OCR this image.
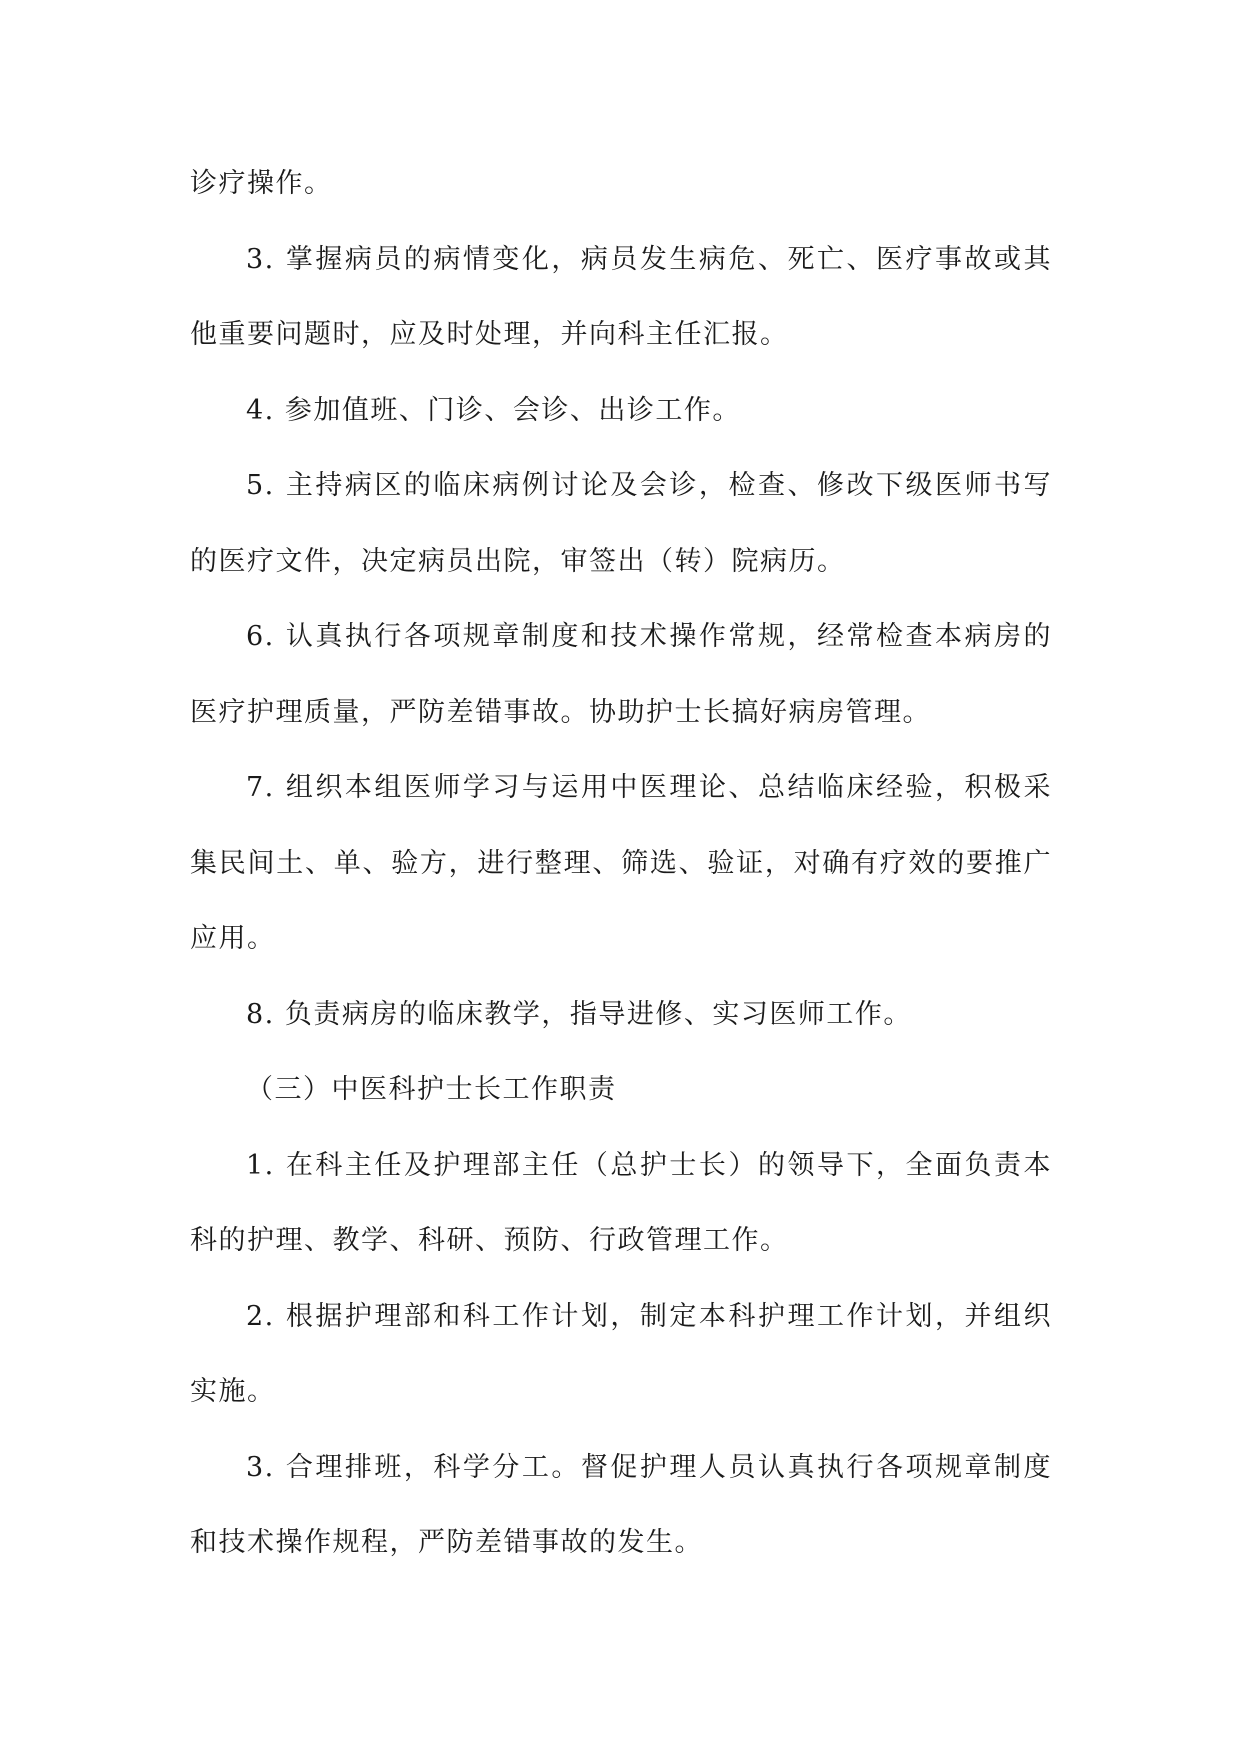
诊疗操作。

3. 掌握病员的病情变化，病员发生病危、死亡、医疗事故或其他重要问题时，应及时处理，并向科主任汇报。

4. 参加值班、门诊、会诊、出诊工作。

5. 主持病区的临床病例讨论及会诊，检查、修改下级医师书写的医疗文件，决定病员出院，审签出（转）院病历。

6. 认真执行各项规章制度和技术操作常规，经常检查本病房的医疗护理质量，严防差错事故。协助护士长搞好病房管理。

7. 组织本组医师学习与运用中医理论、总结临床经验，积极采集民间土、单、验方，进行整理、筛选、验证，对确有疗效的要推广应用。

8. 负责病房的临床教学，指导进修、实习医师工作。

（三）中医科护士长工作职责

1. 在科主任及护理部主任（总护士长）的领导下，全面负责本科的护理、教学、科研、预防、行政管理工作。

2. 根据护理部和科工作计划，制定本科护理工作计划，并组织实施。

3. 合理排班，科学分工。督促护理人员认真执行各项规章制度和技术操作规程，严防差错事故的发生。
